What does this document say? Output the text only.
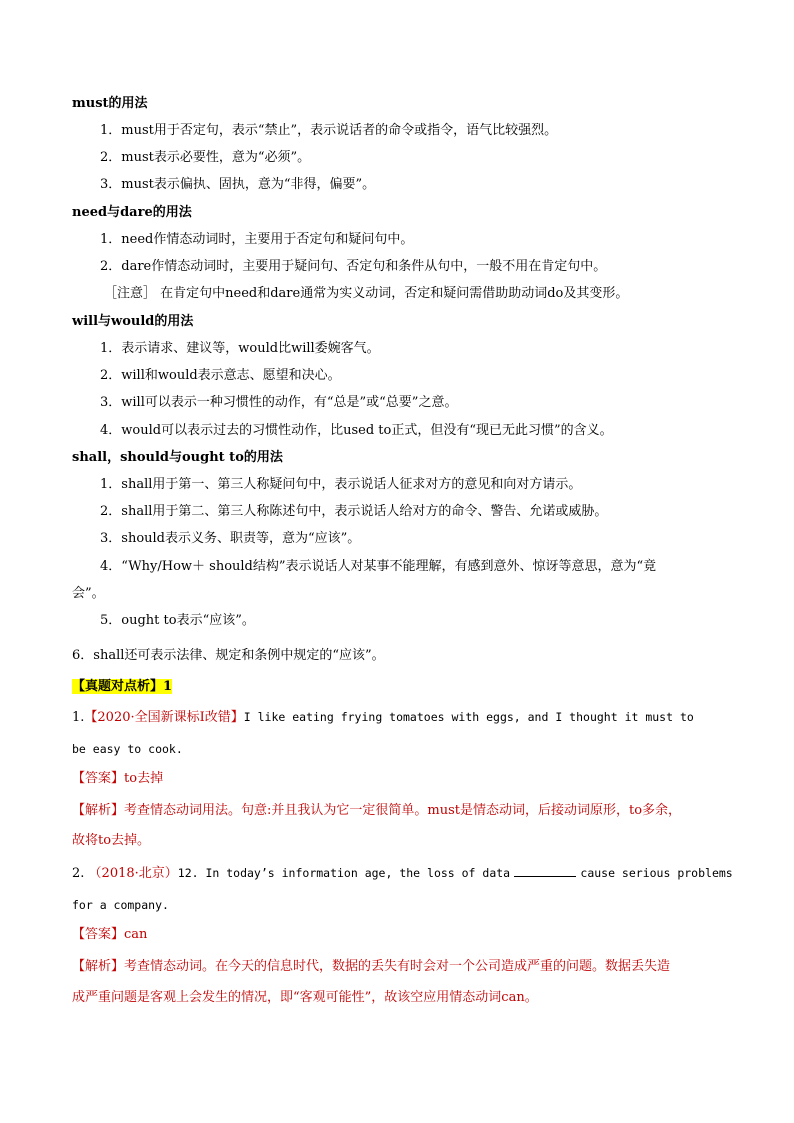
must的用法
1．must用于否定句，表示“禁止”，表示说话者的命令或指令，语气比较强烈。
2．must表示必要性，意为“必须”。
3．must表示偏执、固执，意为“非得，偏要”。
need与dare的用法
1．need作情态动词时，主要用于否定句和疑问句中。
2．dare作情态动词时，主要用于疑问句、否定句和条件从句中，一般不用在肯定句中。
［注意］ 在肯定句中need和dare通常为实义动词，否定和疑问需借助助动词do及其变形。
will与would的用法
1．表示请求、建议等，would比will委婉客气。
2．will和would表示意志、愿望和决心。
3．will可以表示一种习惯性的动作，有“总是”或“总要”之意。
4．would可以表示过去的习惯性动作，比used to正式，但没有“现已无此习惯”的含义。
shall，should与ought to的用法
1．shall用于第一、第三人称疑问句中，表示说话人征求对方的意见和向对方请示。
2．shall用于第二、第三人称陈述句中，表示说话人给对方的命令、警告、允诺或威胁。
3．should表示义务、职责等，意为“应该”。
4．“Why/How＋ should结构”表示说话人对某事不能理解，有感到意外、惊讶等意思，意为“竟
会”。
5．ought to表示“应该”。
6．shall还可表示法律、规定和条例中规定的“应该”。
【真题对点析】1
1.【2020·全国新课标I改错】I like eating frying tomatoes with eggs, and I thought it must to
be easy to cook.
【答案】to去掉
【解析】考查情态动词用法。句意:并且我认为它一定很简单。must是情态动词，后接动词原形，to多余，
故将to去掉。
2. （2018·北京）12. In today’s information age, the loss of data	cause serious problems
for a company.
【答案】can
【解析】考查情态动词。在今天的信息时代，数据的丢失有时会对一个公司造成严重的问题。数据丢失造
成严重问题是客观上会发生的情况，即“客观可能性”，故该空应用情态动词can。
